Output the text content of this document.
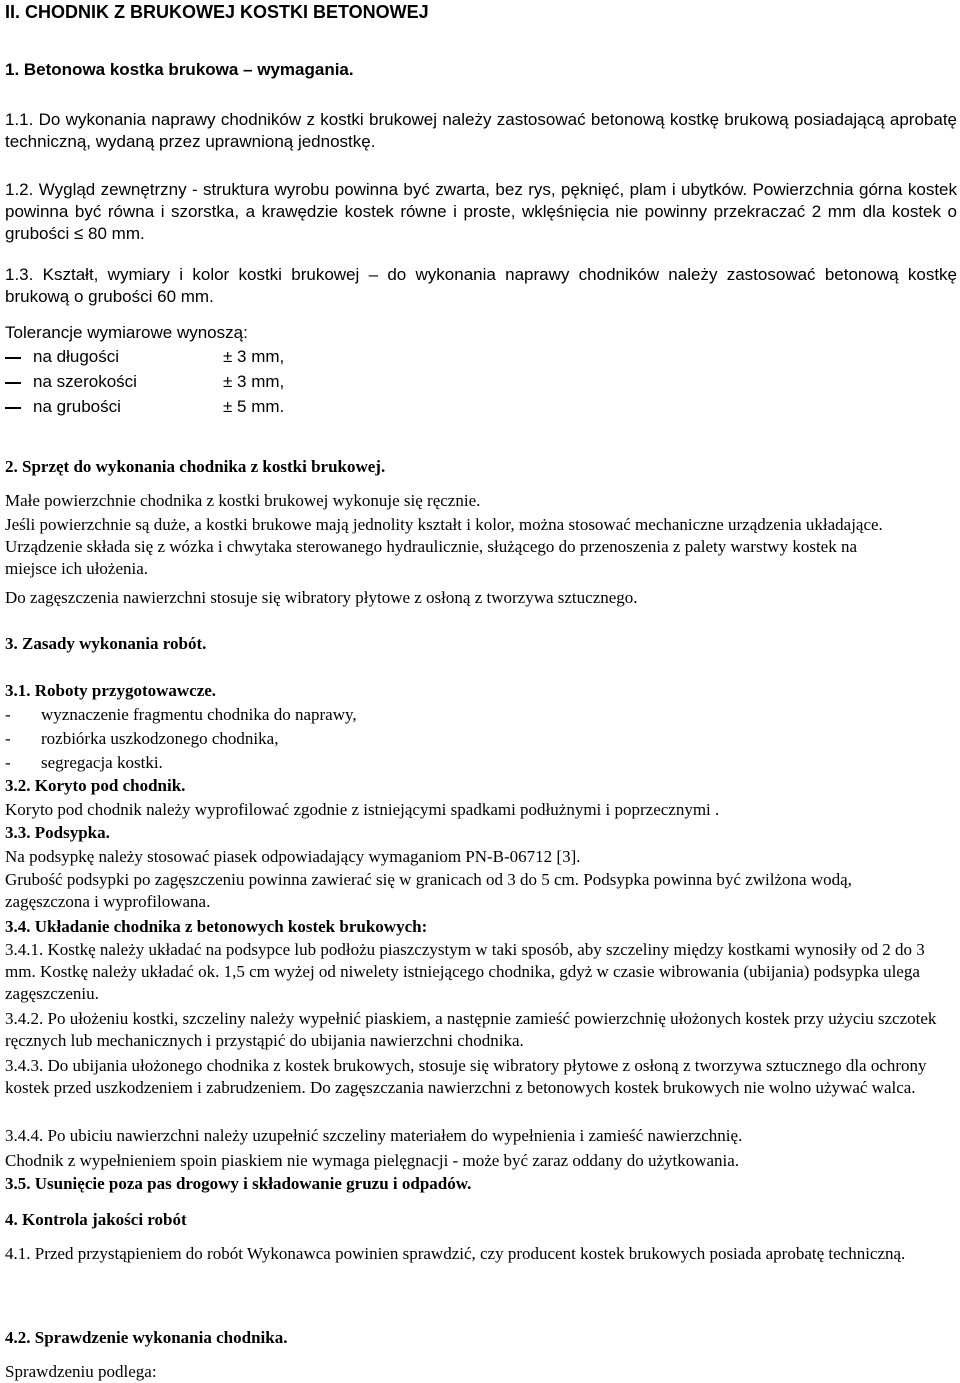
II. CHODNIK Z BRUKOWEJ KOSTKI BETONOWEJ
1. Betonowa kostka brukowa – wymagania.

1.1. Do wykonania naprawy chodników z kostki brukowej należy zastosować betonową kostkę brukową posiadającą aprobatę techniczną, wydaną przez uprawnioną jednostkę.

1.2. Wygląd zewnętrzny - struktura wyrobu powinna być zwarta, bez rys, pęknięć, plam i ubytków. Powierzchnia górna kostek powinna być równa i szorstka, a krawędzie kostek równe i proste, wklęśnięcia nie powinny przekraczać 2 mm dla kostek o grubości ≤ 80 mm.

1.3. Kształt, wymiary i kolor kostki brukowej – do wykonania naprawy chodników należy zastosować betonową kostkę brukową o grubości 60 mm.

Tolerancje wymiarowe wynoszą:
na długości	± 3 mm,
na szerokości	± 3 mm,
na grubości	± 5 mm.
2. Sprzęt do wykonania chodnika z kostki brukowej.

Małe powierzchnie chodnika z kostki brukowej wykonuje się ręcznie.

Jeśli powierzchnie są duże, a kostki brukowe mają jednolity kształt i kolor, można stosować mechaniczne urządzenia układające. Urządzenie składa się z wózka i chwytaka sterowanego hydraulicznie, służącego do przenoszenia z palety warstwy kostek na miejsce ich ułożenia.

Do zagęszczenia nawierzchni stosuje się wibratory płytowe z osłoną z tworzywa sztucznego.

3. Zasady wykonania robót.
3.1. Roboty przygotowawcze.
- wyznaczenie fragmentu chodnika do naprawy,
- rozbiórka uszkodzonego chodnika,
- segregacja kostki.
3.2. Koryto pod chodnik.

Koryto pod chodnik należy wyprofilować zgodnie z istniejącymi spadkami podłużnymi i poprzecznymi .

3.3. Podsypka.

Na podsypkę należy stosować piasek odpowiadający wymaganiom PN-B-06712 [3].

Grubość podsypki po zagęszczeniu powinna zawierać się w granicach od 3 do 5 cm. Podsypka powinna być zwilżona wodą, zagęszczona i wyprofilowana.

3.4. Układanie chodnika z betonowych kostek brukowych:

3.4.1. Kostkę należy układać na podsypce lub podłożu piaszczystym w taki sposób, aby szczeliny między kostkami wynosiły od 2 do 3 mm. Kostkę należy układać ok. 1,5 cm wyżej od niwelety istniejącego chodnika, gdyż w czasie wibrowania (ubijania) podsypka ulega zagęszczeniu.

3.4.2. Po ułożeniu kostki, szczeliny należy wypełnić piaskiem, a następnie zamieść powierzchnię ułożonych kostek przy użyciu szczotek ręcznych lub mechanicznych i przystąpić do ubijania nawierzchni chodnika.

3.4.3. Do ubijania ułożonego chodnika z kostek brukowych, stosuje się wibratory płytowe z osłoną z tworzywa sztucznego dla ochrony kostek przed uszkodzeniem i zabrudzeniem. Do zagęszczania nawierzchni z betonowych kostek brukowych nie wolno używać walca.

3.4.4. Po ubiciu nawierzchni należy uzupełnić szczeliny materiałem do wypełnienia i zamieść nawierzchnię.

Chodnik z wypełnieniem spoin piaskiem nie wymaga pielęgnacji - może być zaraz oddany do użytkowania.

3.5. Usunięcie poza pas drogowy i składowanie gruzu i odpadów.
4. Kontrola jakości robót

4.1. Przed przystąpieniem do robót Wykonawca powinien sprawdzić, czy producent kostek brukowych posiada aprobatę techniczną.

4.2. Sprawdzenie wykonania chodnika.

Sprawdzeniu podlega:
